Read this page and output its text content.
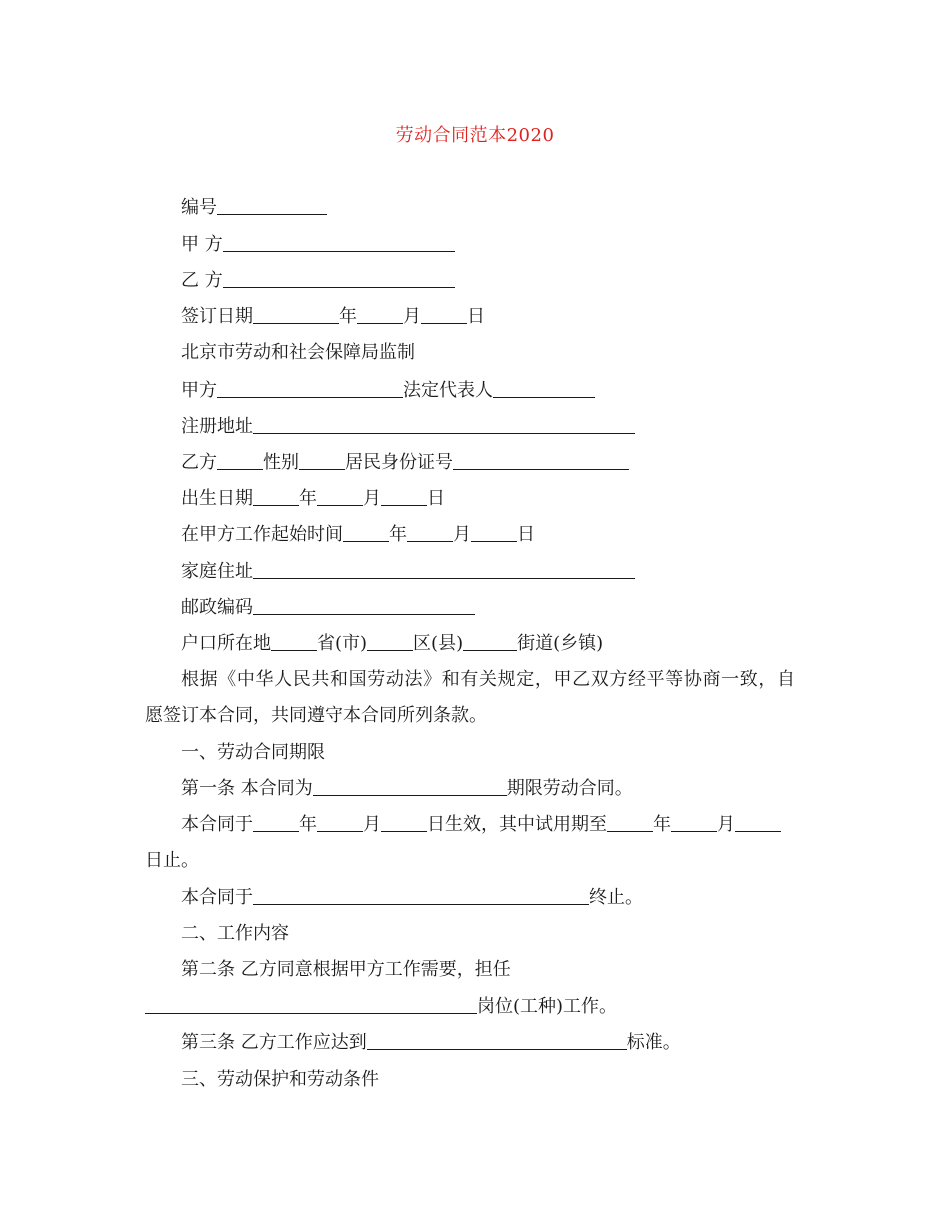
劳动合同范本2020
编号
甲 方
乙 方
签订日期	年	月	日
北京市劳动和社会保障局监制
甲方	法定代表人
注册地址
乙方	性别	居民身份证号
出生日期	年	月	日
在甲方工作起始时间	年	月	日
家庭住址
邮政编码
户口所在地	省(市)	区(县)	街道(乡镇)
根据《中华人民共和国劳动法》和有关规定，甲乙双方经平等协商一致，自
愿签订本合同，共同遵守本合同所列条款。
一、劳动合同期限
第一条 本合同为	期限劳动合同。
本合同于	年	月	日生效，其中试用期至	年	月
日止。
本合同于	终止。
二、工作内容
第二条 乙方同意根据甲方工作需要，担任
岗位(工种)工作。
第三条 乙方工作应达到	标准。
三、劳动保护和劳动条件
